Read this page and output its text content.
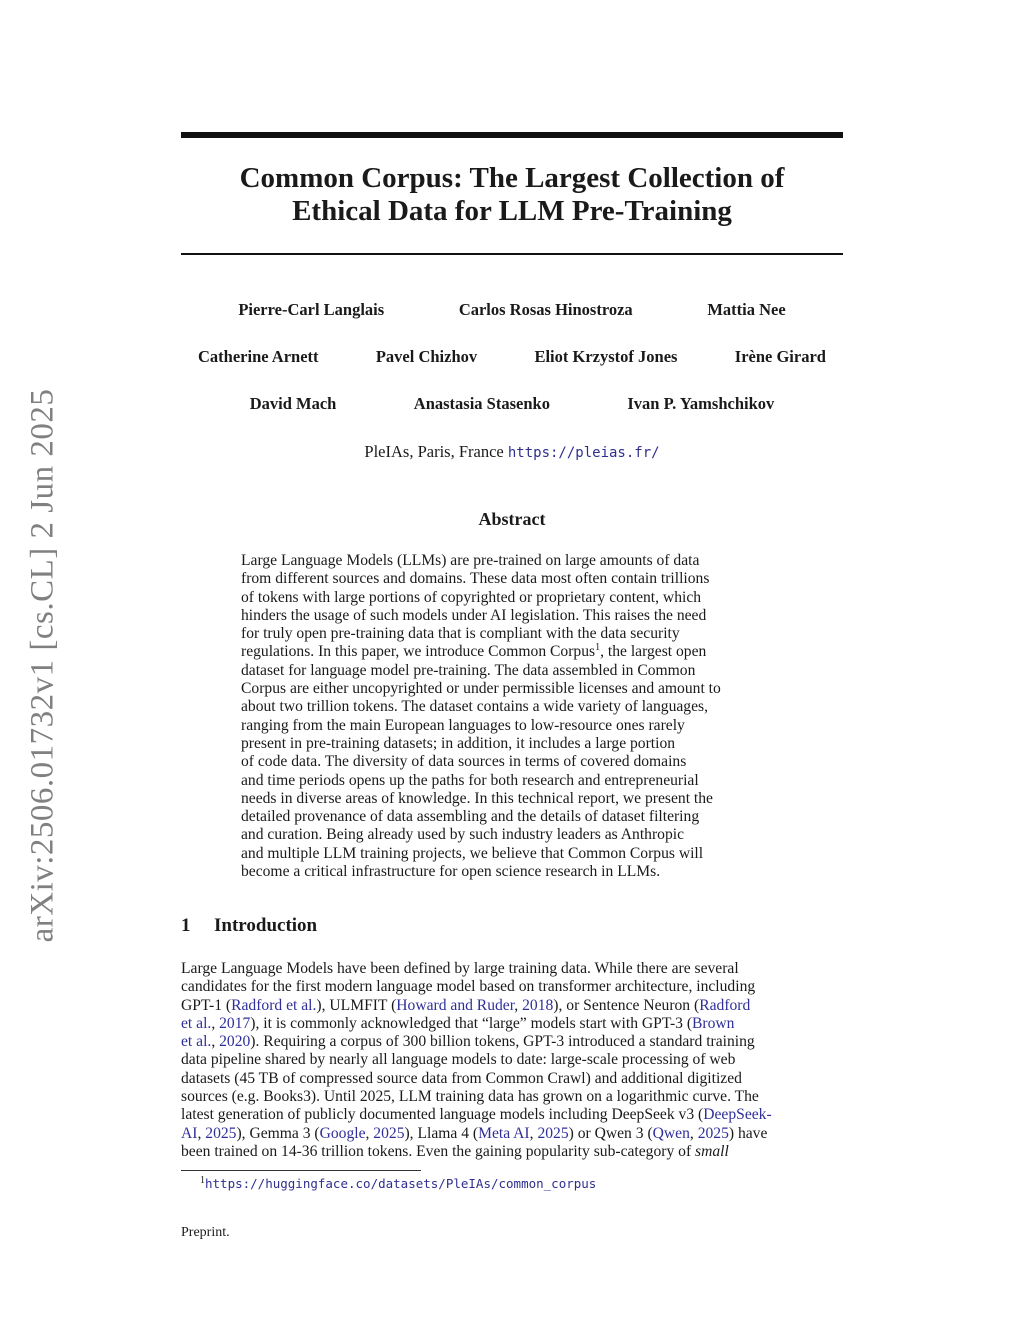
arXiv:2506.01732v1 [cs.CL] 2 Jun 2025
Common Corpus: The Largest Collection of
Ethical Data for LLM Pre-Training
Pierre-Carl Langlais	Carlos Rosas Hinostroza	Mattia Nee
Catherine Arnett	Pavel Chizhov	Eliot Krzystof Jones	Irène Girard
David Mach	Anastasia Stasenko	Ivan P. Yamshchikov
PleIAs, Paris, France https://pleias.fr/
Abstract
Large Language Models (LLMs) are pre-trained on large amounts of data
from different sources and domains. These data most often contain trillions
of tokens with large portions of copyrighted or proprietary content, which
hinders the usage of such models under AI legislation. This raises the need
for truly open pre-training data that is compliant with the data security
regulations. In this paper, we introduce Common Corpus$^1$, the largest open
dataset for language model pre-training. The data assembled in Common
Corpus are either uncopyrighted or under permissible licenses and amount to
about two trillion tokens. The dataset contains a wide variety of languages,
ranging from the main European languages to low-resource ones rarely
present in pre-training datasets; in addition, it includes a large portion
of code data. The diversity of data sources in terms of covered domains
and time periods opens up the paths for both research and entrepreneurial
needs in diverse areas of knowledge. In this technical report, we present the
detailed provenance of data assembling and the details of dataset filtering
and curation. Being already used by such industry leaders as Anthropic
and multiple LLM training projects, we believe that Common Corpus will
become a critical infrastructure for open science research in LLMs.
1 Introduction
Large Language Models have been defined by large training data. While there are several
candidates for the first modern language model based on transformer architecture, including
GPT-1 (Radford et al.), ULMFIT (Howard and Ruder, 2018), or Sentence Neuron (Radford
et al., 2017), it is commonly acknowledged that “large” models start with GPT-3 (Brown
et al., 2020). Requiring a corpus of 300 billion tokens, GPT-3 introduced a standard training
data pipeline shared by nearly all language models to date: large-scale processing of web
datasets (45 TB of compressed source data from Common Crawl) and additional digitized
sources (e.g. Books3). Until 2025, LLM training data has grown on a logarithmic curve. The
latest generation of publicly documented language models including DeepSeek v3 (DeepSeek-
AI, 2025), Gemma 3 (Google, 2025), Llama 4 (Meta AI, 2025) or Qwen 3 (Qwen, 2025) have
been trained on 14-36 trillion tokens. Even the gaining popularity sub-category of small
$^1$https://huggingface.co/datasets/PleIAs/common_corpus
Preprint.
